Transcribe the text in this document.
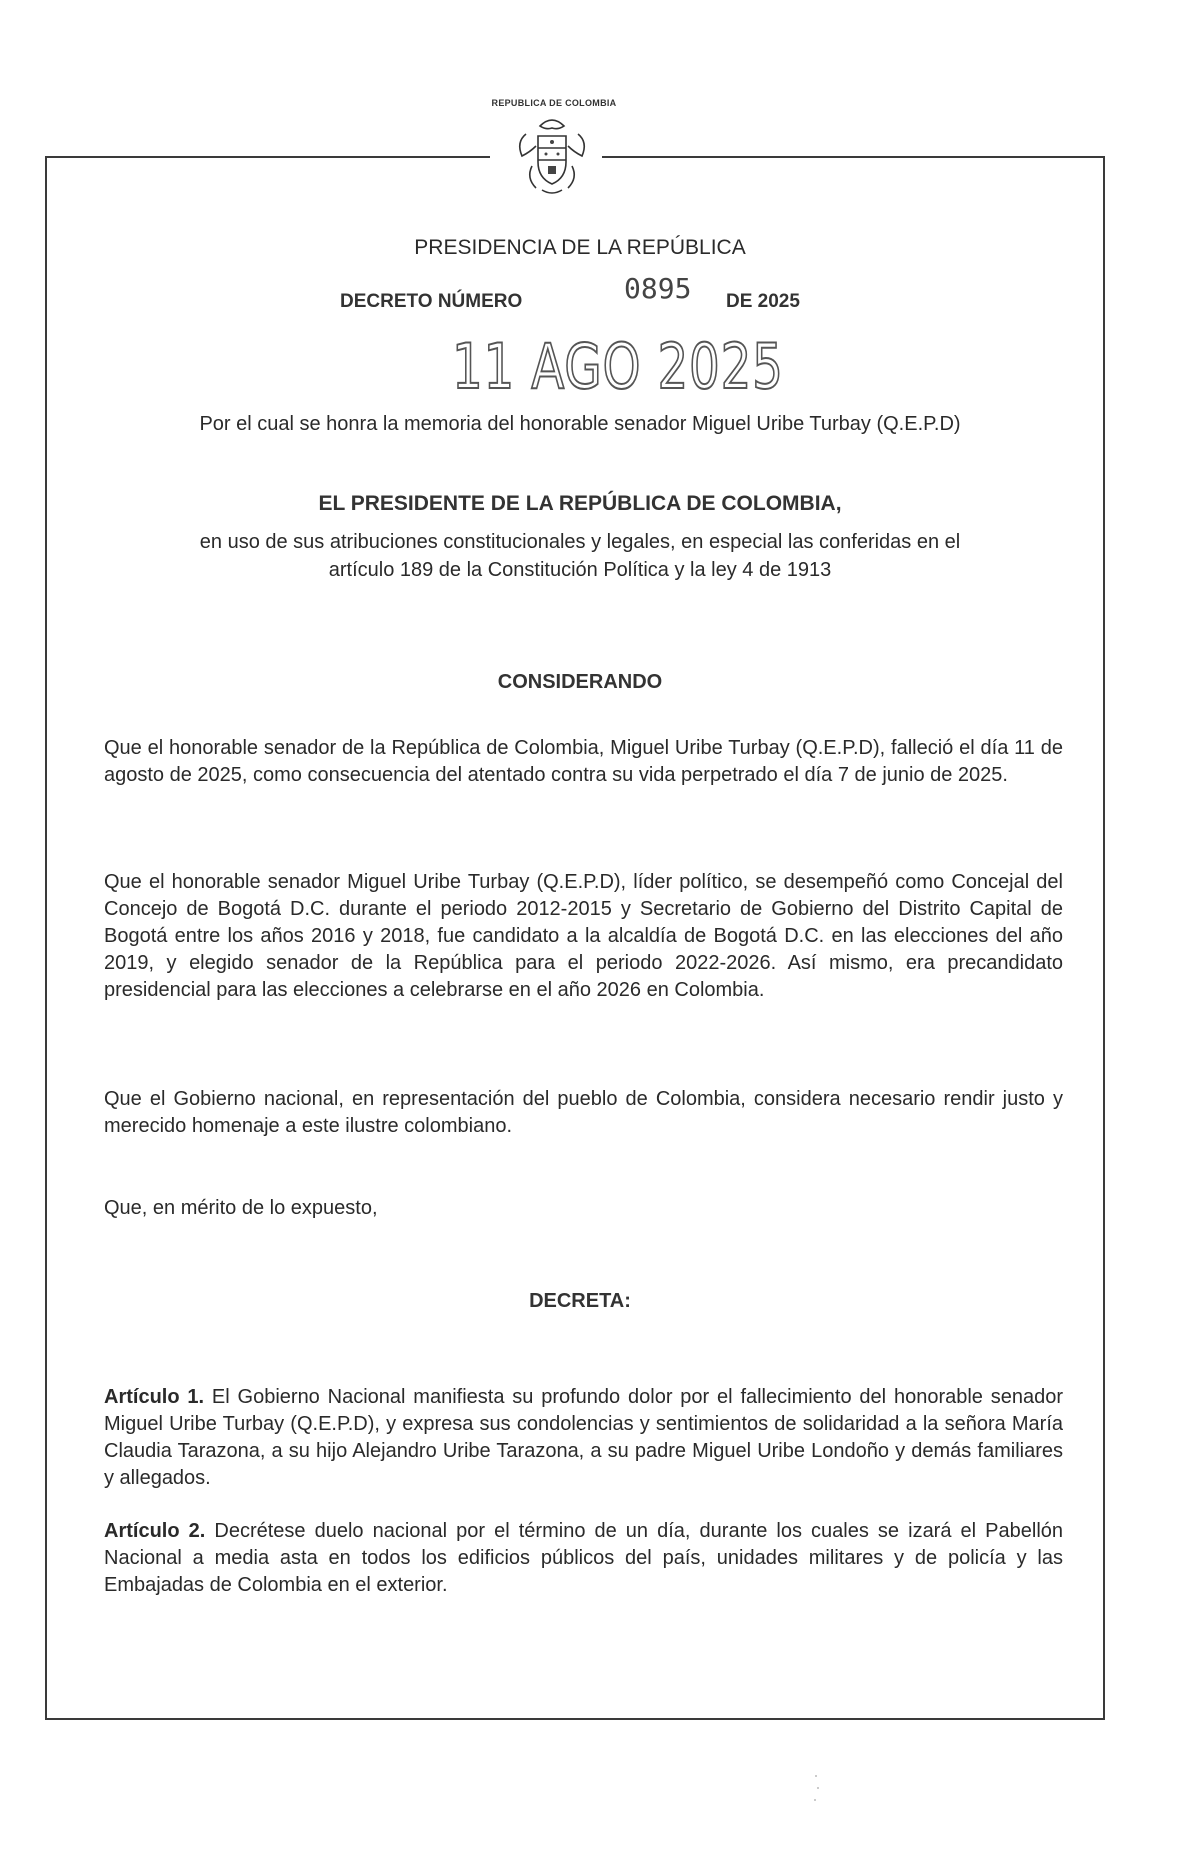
REPUBLICA DE COLOMBIA
PRESIDENCIA DE LA REPÚBLICA
DECRETO NÚMERO	0895 DE 2025
11 AGO 2025
Por el cual se honra la memoria del honorable senador Miguel Uribe Turbay (Q.E.P.D)
EL PRESIDENTE DE LA REPÚBLICA DE COLOMBIA,
en uso de sus atribuciones constitucionales y legales, en especial las conferidas en el
artículo 189 de la Constitución Política y la ley 4 de 1913
CONSIDERANDO

Que el honorable senador de la República de Colombia, Miguel Uribe Turbay (Q.E.P.D), falleció el día 11 de agosto de 2025, como consecuencia del atentado contra su vida perpetrado el día 7 de junio de 2025.

Que el honorable senador Miguel Uribe Turbay (Q.E.P.D), líder político, se desempeñó como Concejal del Concejo de Bogotá D.C. durante el periodo 2012-2015 y Secretario de Gobierno del Distrito Capital de Bogotá entre los años 2016 y 2018, fue candidato a la alcaldía de Bogotá D.C. en las elecciones del año 2019, y elegido senador de la República para el periodo 2022-2026. Así mismo, era precandidato presidencial para las elecciones a celebrarse en el año 2026 en Colombia.

Que el Gobierno nacional, en representación del pueblo de Colombia, considera necesario rendir justo y merecido homenaje a este ilustre colombiano.

Que, en mérito de lo expuesto,

DECRETA:

Artículo 1. El Gobierno Nacional manifiesta su profundo dolor por el fallecimiento del honorable senador Miguel Uribe Turbay (Q.E.P.D), y expresa sus condolencias y sentimientos de solidaridad a la señora María Claudia Tarazona, a su hijo Alejandro Uribe Tarazona, a su padre Miguel Uribe Londoño y demás familiares y allegados.

Artículo 2. Decrétese duelo nacional por el término de un día, durante los cuales se izará el Pabellón Nacional a media asta en todos los edificios públicos del país, unidades militares y de policía y las Embajadas de Colombia en el exterior.
